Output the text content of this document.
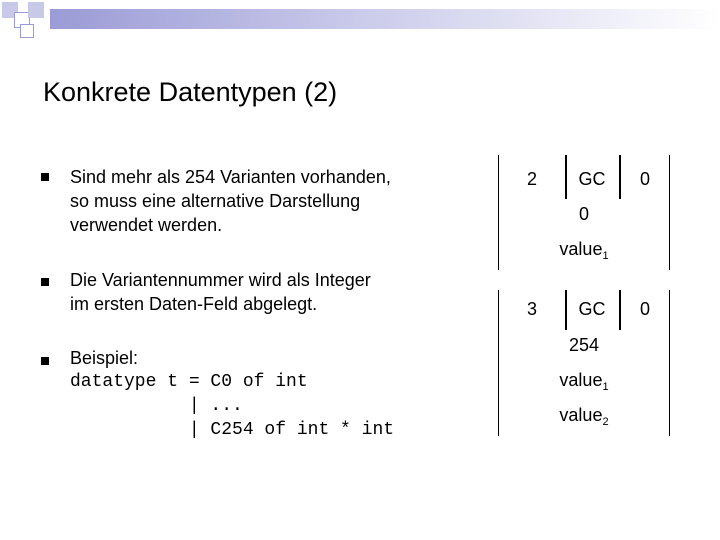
Konkrete Datentypen (2)
Sind mehr als 254 Varianten vorhanden,
so muss eine alternative Darstellung
verwendet werden.
Die Variantennummer wird als Integer
im ersten Daten-Feld abgelegt.
Beispiel:
datatype t = C0 of int
| ...
| C254 of int * int
2	GC	0
0
value$_1$
3	GC	0
254
value$_1$
value$_2$
